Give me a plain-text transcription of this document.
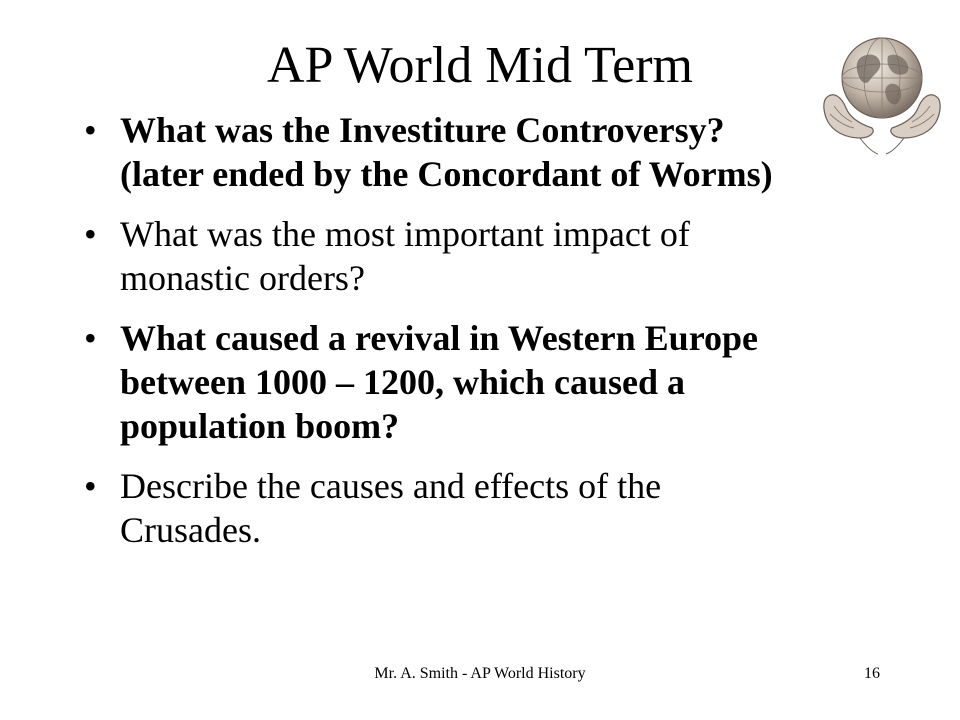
AP World Mid Term
• What was the Investiture Controversy? (later ended by the Concordant of Worms)
• What was the most important impact of monastic orders?
• What caused a revival in Western Europe between 1000 – 1200, which caused a population boom?
• Describe the causes and effects of the Crusades.
Mr. A. Smith - AP World History	16
